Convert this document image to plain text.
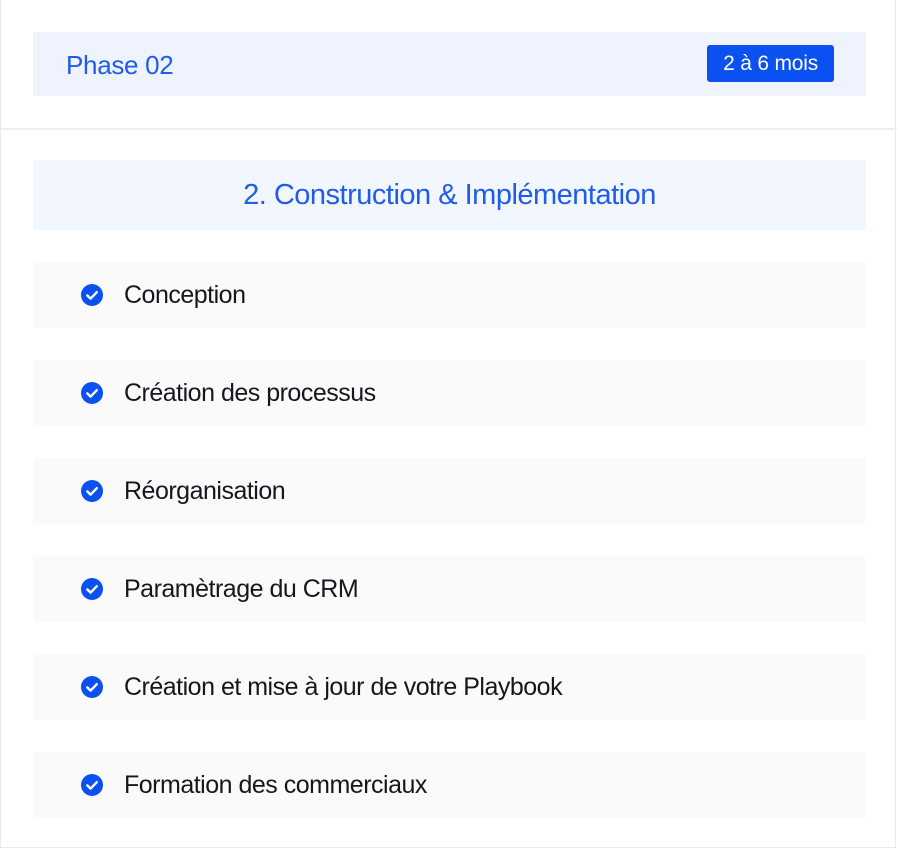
Phase 02	2 à 6 mois
2. Construction & Implémentation
Conception
Création des processus
Réorganisation
Paramètrage du CRM
Création et mise à jour de votre Playbook
Formation des commerciaux
